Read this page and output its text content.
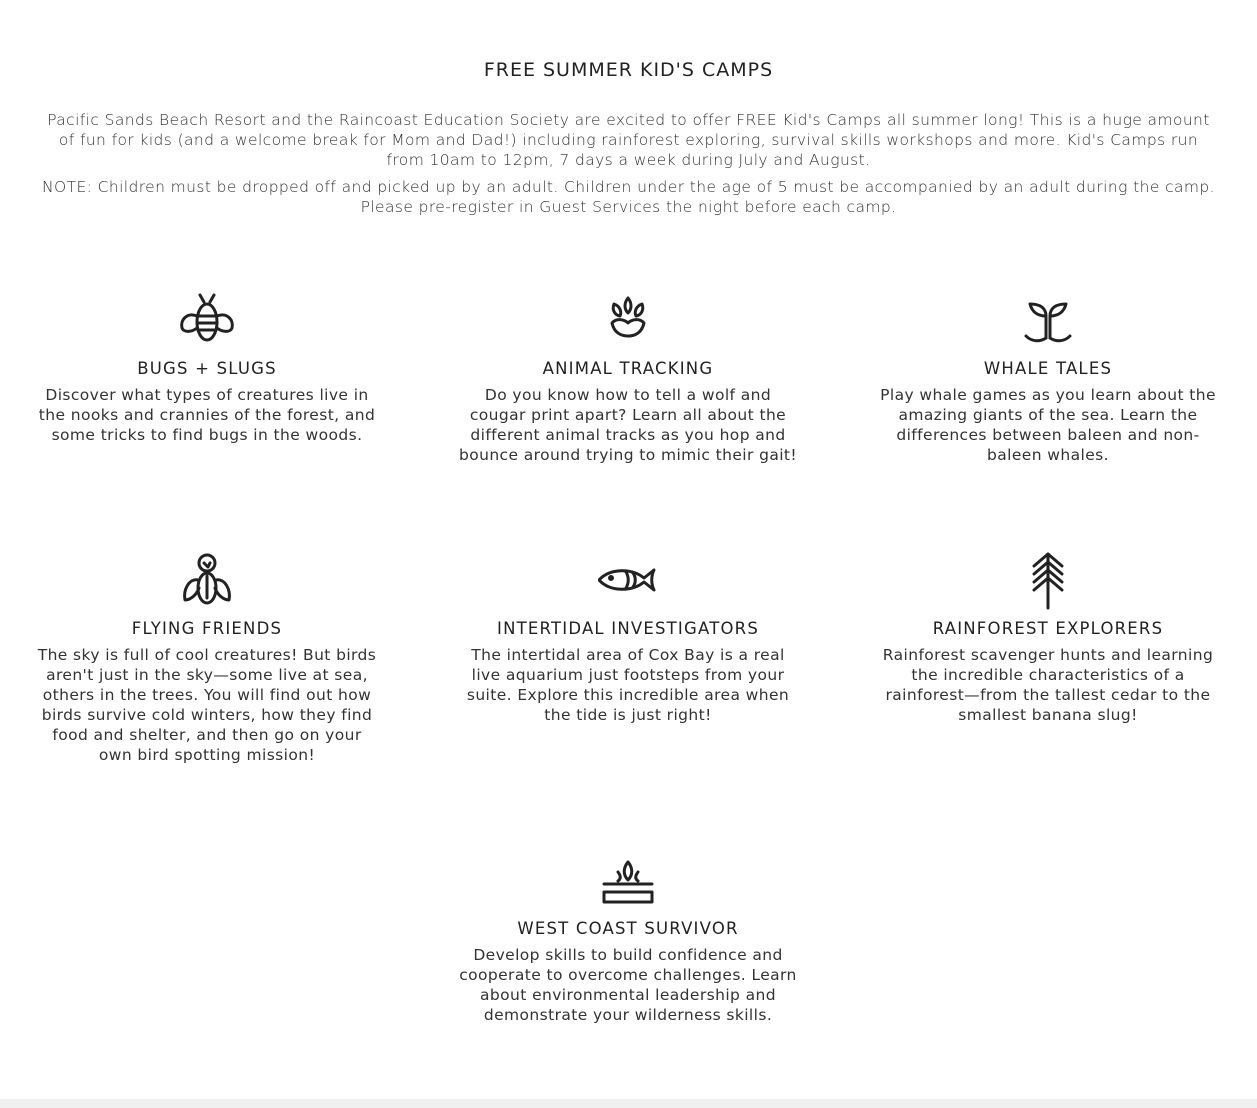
FREE SUMMER KID'S CAMPS

Pacific Sands Beach Resort and the Raincoast Education Society are excited to offer FREE Kid's Camps all summer long! This is a huge amount of fun for kids (and a welcome break for Mom and Dad!) including rainforest exploring, survival skills workshops and more. Kid's Camps run from 10am to 12pm, 7 days a week during July and August.

NOTE: Children must be dropped off and picked up by an adult. Children under the age of 5 must be accompanied by an adult during the camp. Please pre-register in Guest Services the night before each camp.

BUGS + SLUGS
Discover what types of creatures live in the nooks and crannies of the forest, and some tricks to find bugs in the woods.
ANIMAL TRACKING
Do you know how to tell a wolf and cougar print apart? Learn all about the different animal tracks as you hop and bounce around trying to mimic their gait!
WHALE TALES
Play whale games as you learn about the amazing giants of the sea. Learn the differences between baleen and non-baleen whales.
FLYING FRIENDS
The sky is full of cool creatures! But birds aren't just in the sky—some live at sea, others in the trees. You will find out how birds survive cold winters, how they find food and shelter, and then go on your own bird spotting mission!
INTERTIDAL INVESTIGATORS
The intertidal area of Cox Bay is a real live aquarium just footsteps from your suite. Explore this incredible area when the tide is just right!
RAINFOREST EXPLORERS
Rainforest scavenger hunts and learning the incredible characteristics of a rainforest—from the tallest cedar to the smallest banana slug!
WEST COAST SURVIVOR
Develop skills to build confidence and cooperate to overcome challenges. Learn about environmental leadership and demonstrate your wilderness skills.
